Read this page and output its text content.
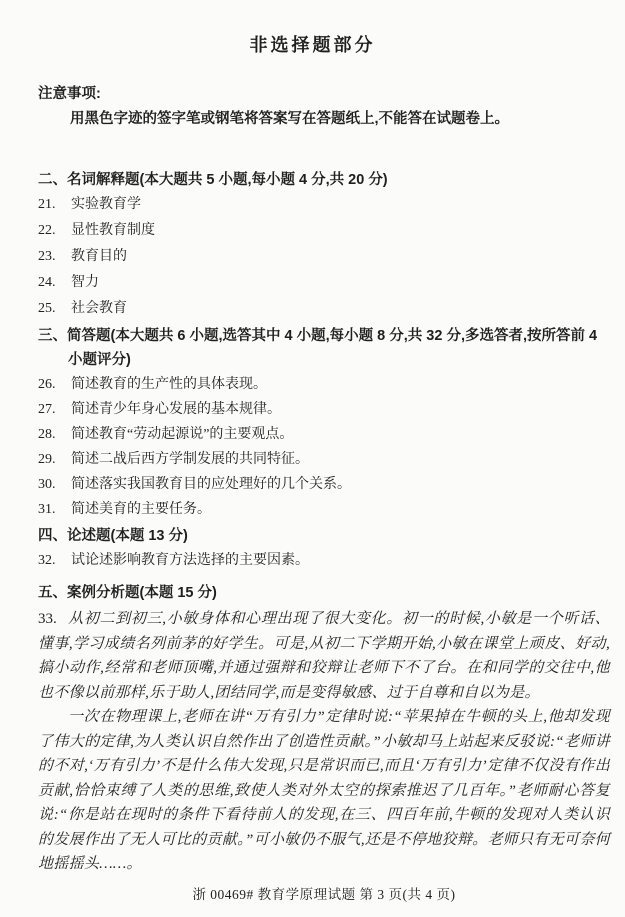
非选择题部分
注意事项:
用黑色字迹的签字笔或钢笔将答案写在答题纸上,不能答在试题卷上。
二、名词解释题(本大题共 5 小题,每小题 4 分,共 20 分)
21.	实验教育学
22.	显性教育制度
23.	教育目的
24.	智力
25.	社会教育
三、简答题(本大题共 6 小题,选答其中 4 小题,每小题 8 分,共 32 分,多选答者,按所答前 4 小题评分)
26.	简述教育的生产性的具体表现。
27.	简述青少年身心发展的基本规律。
28.	简述教育“劳动起源说”的主要观点。
29.	简述二战后西方学制发展的共同特征。
30.	简述落实我国教育目的应处理好的几个关系。
31.	简述美育的主要任务。
四、论述题(本题 13 分)
32.	试论述影响教育方法选择的主要因素。
五、案例分析题(本题 15 分)

33. 从初二到初三,小敏身体和心理出现了很大变化。初一的时候,小敏是一个听话、懂事,学习成绩名列前茅的好学生。可是,从初二下学期开始,小敏在课堂上顽皮、好动,搞小动作,经常和老师顶嘴,并通过强辩和狡辩让老师下不了台。在和同学的交往中,他也不像以前那样,乐于助人,团结同学,而是变得敏感、过于自尊和自以为是。

一次在物理课上,老师在讲“万有引力”定律时说:“苹果掉在牛顿的头上,他却发现了伟大的定律,为人类认识自然作出了创造性贡献。”小敏却马上站起来反驳说:“老师讲的不对,‘万有引力’不是什么伟大发现,只是常识而已,而且‘万有引力’定律不仅没有作出贡献,恰恰束缚了人类的思维,致使人类对外太空的探索推迟了几百年。”老师耐心答复说:“你是站在现时的条件下看待前人的发现,在三、四百年前,牛顿的发现对人类认识的发展作出了无人可比的贡献。”可小敏仍不服气,还是不停地狡辩。老师只有无可奈何地摇摇头……。

浙 00469# 教育学原理试题 第 3 页(共 4 页)
